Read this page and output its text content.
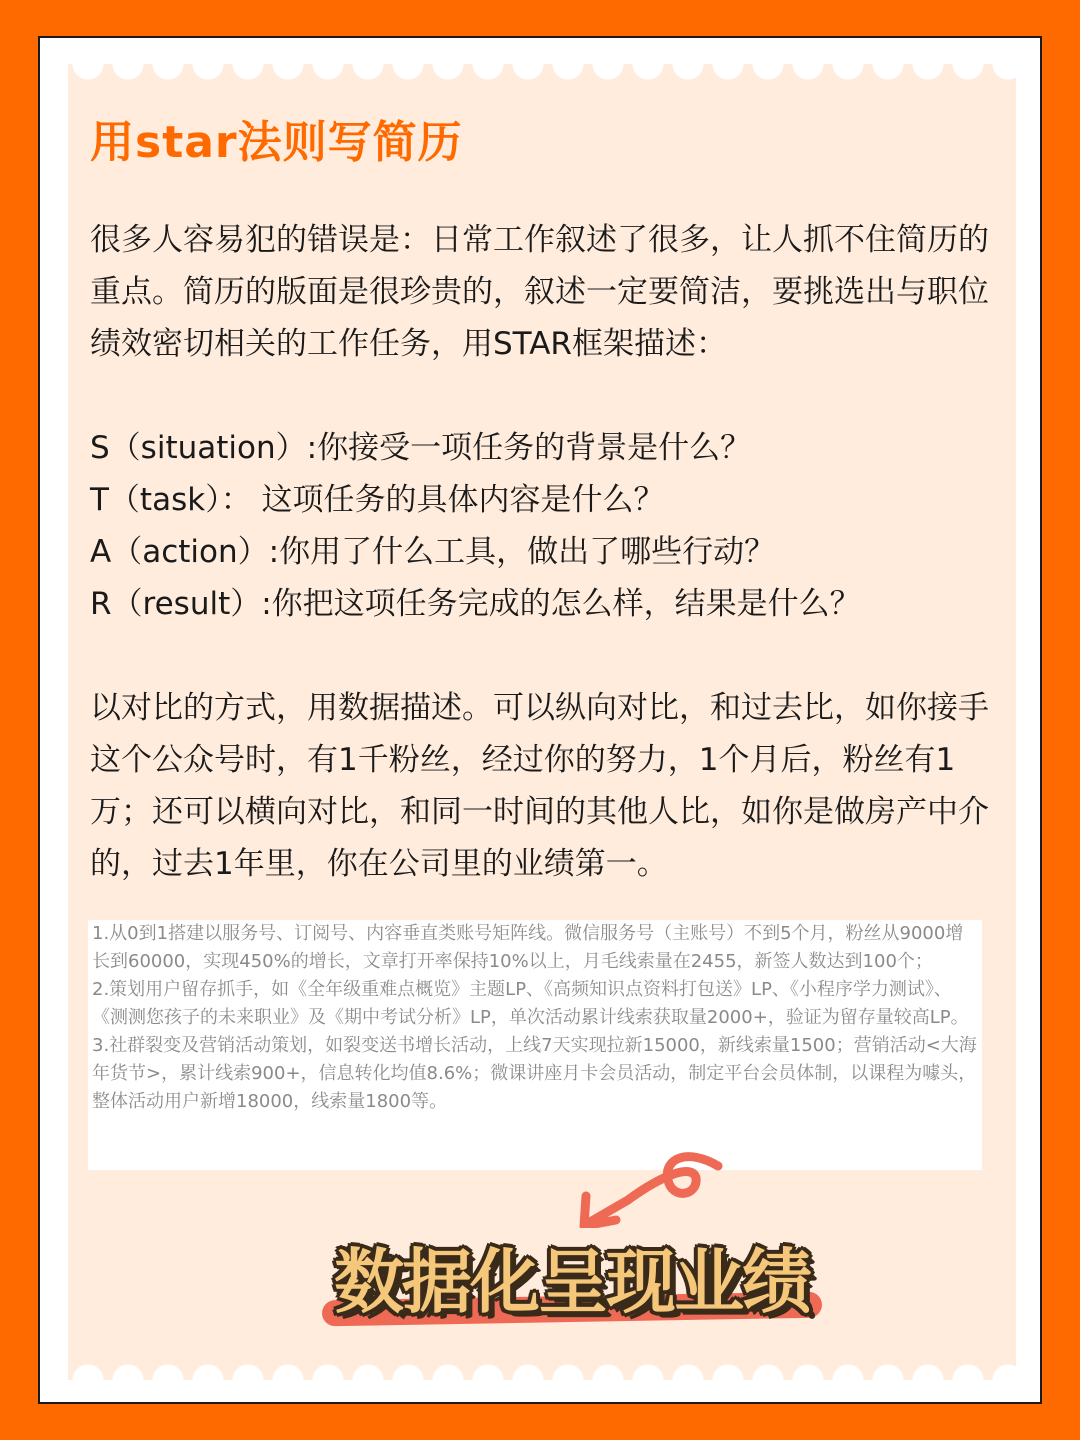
用star法则写简历
很多人容易犯的错误是：日常工作叙述了很多，让人抓不住简历的重点。简历的版面是很珍贵的，叙述一定要简洁，要挑选出与职位绩效密切相关的工作任务，用STAR框架描述：
S（situation）:你接受一项任务的背景是什么？
T（task）： 这项任务的具体内容是什么？
A（action）:你用了什么工具，做出了哪些行动？
R（result）:你把这项任务完成的怎么样，结果是什么？
以对比的方式，用数据描述。可以纵向对比，和过去比，如你接手这个公众号时，有1千粉丝，经过你的努力，1个月后，粉丝有1万；还可以横向对比，和同一时间的其他人比，如你是做房产中介的，过去1年里，你在公司里的业绩第一。
1.从0到1搭建以服务号、订阅号、内容垂直类账号矩阵线。微信服务号（主账号）不到5个月，粉丝从9000增长到60000，实现450%的增长，文章打开率保持10%以上，月毛线索量在2455，新签人数达到100个；
2.策划用户留存抓手，如《全年级重难点概览》主题LP、《高频知识点资料打包送》LP、《小程序学力测试》、《测测您孩子的未来职业》及《期中考试分析》LP，单次活动累计线索获取量2000+，验证为留存量较高LP。
3.社群裂变及营销活动策划，如裂变送书增长活动，上线7天实现拉新15000，新线索量1500；营销活动<大海年货节>，累计线索900+，信息转化均值8.6%；微课讲座月卡会员活动，制定平台会员体制，以课程为噱头，整体活动用户新增18000，线索量1800等。
数据化呈现业绩
